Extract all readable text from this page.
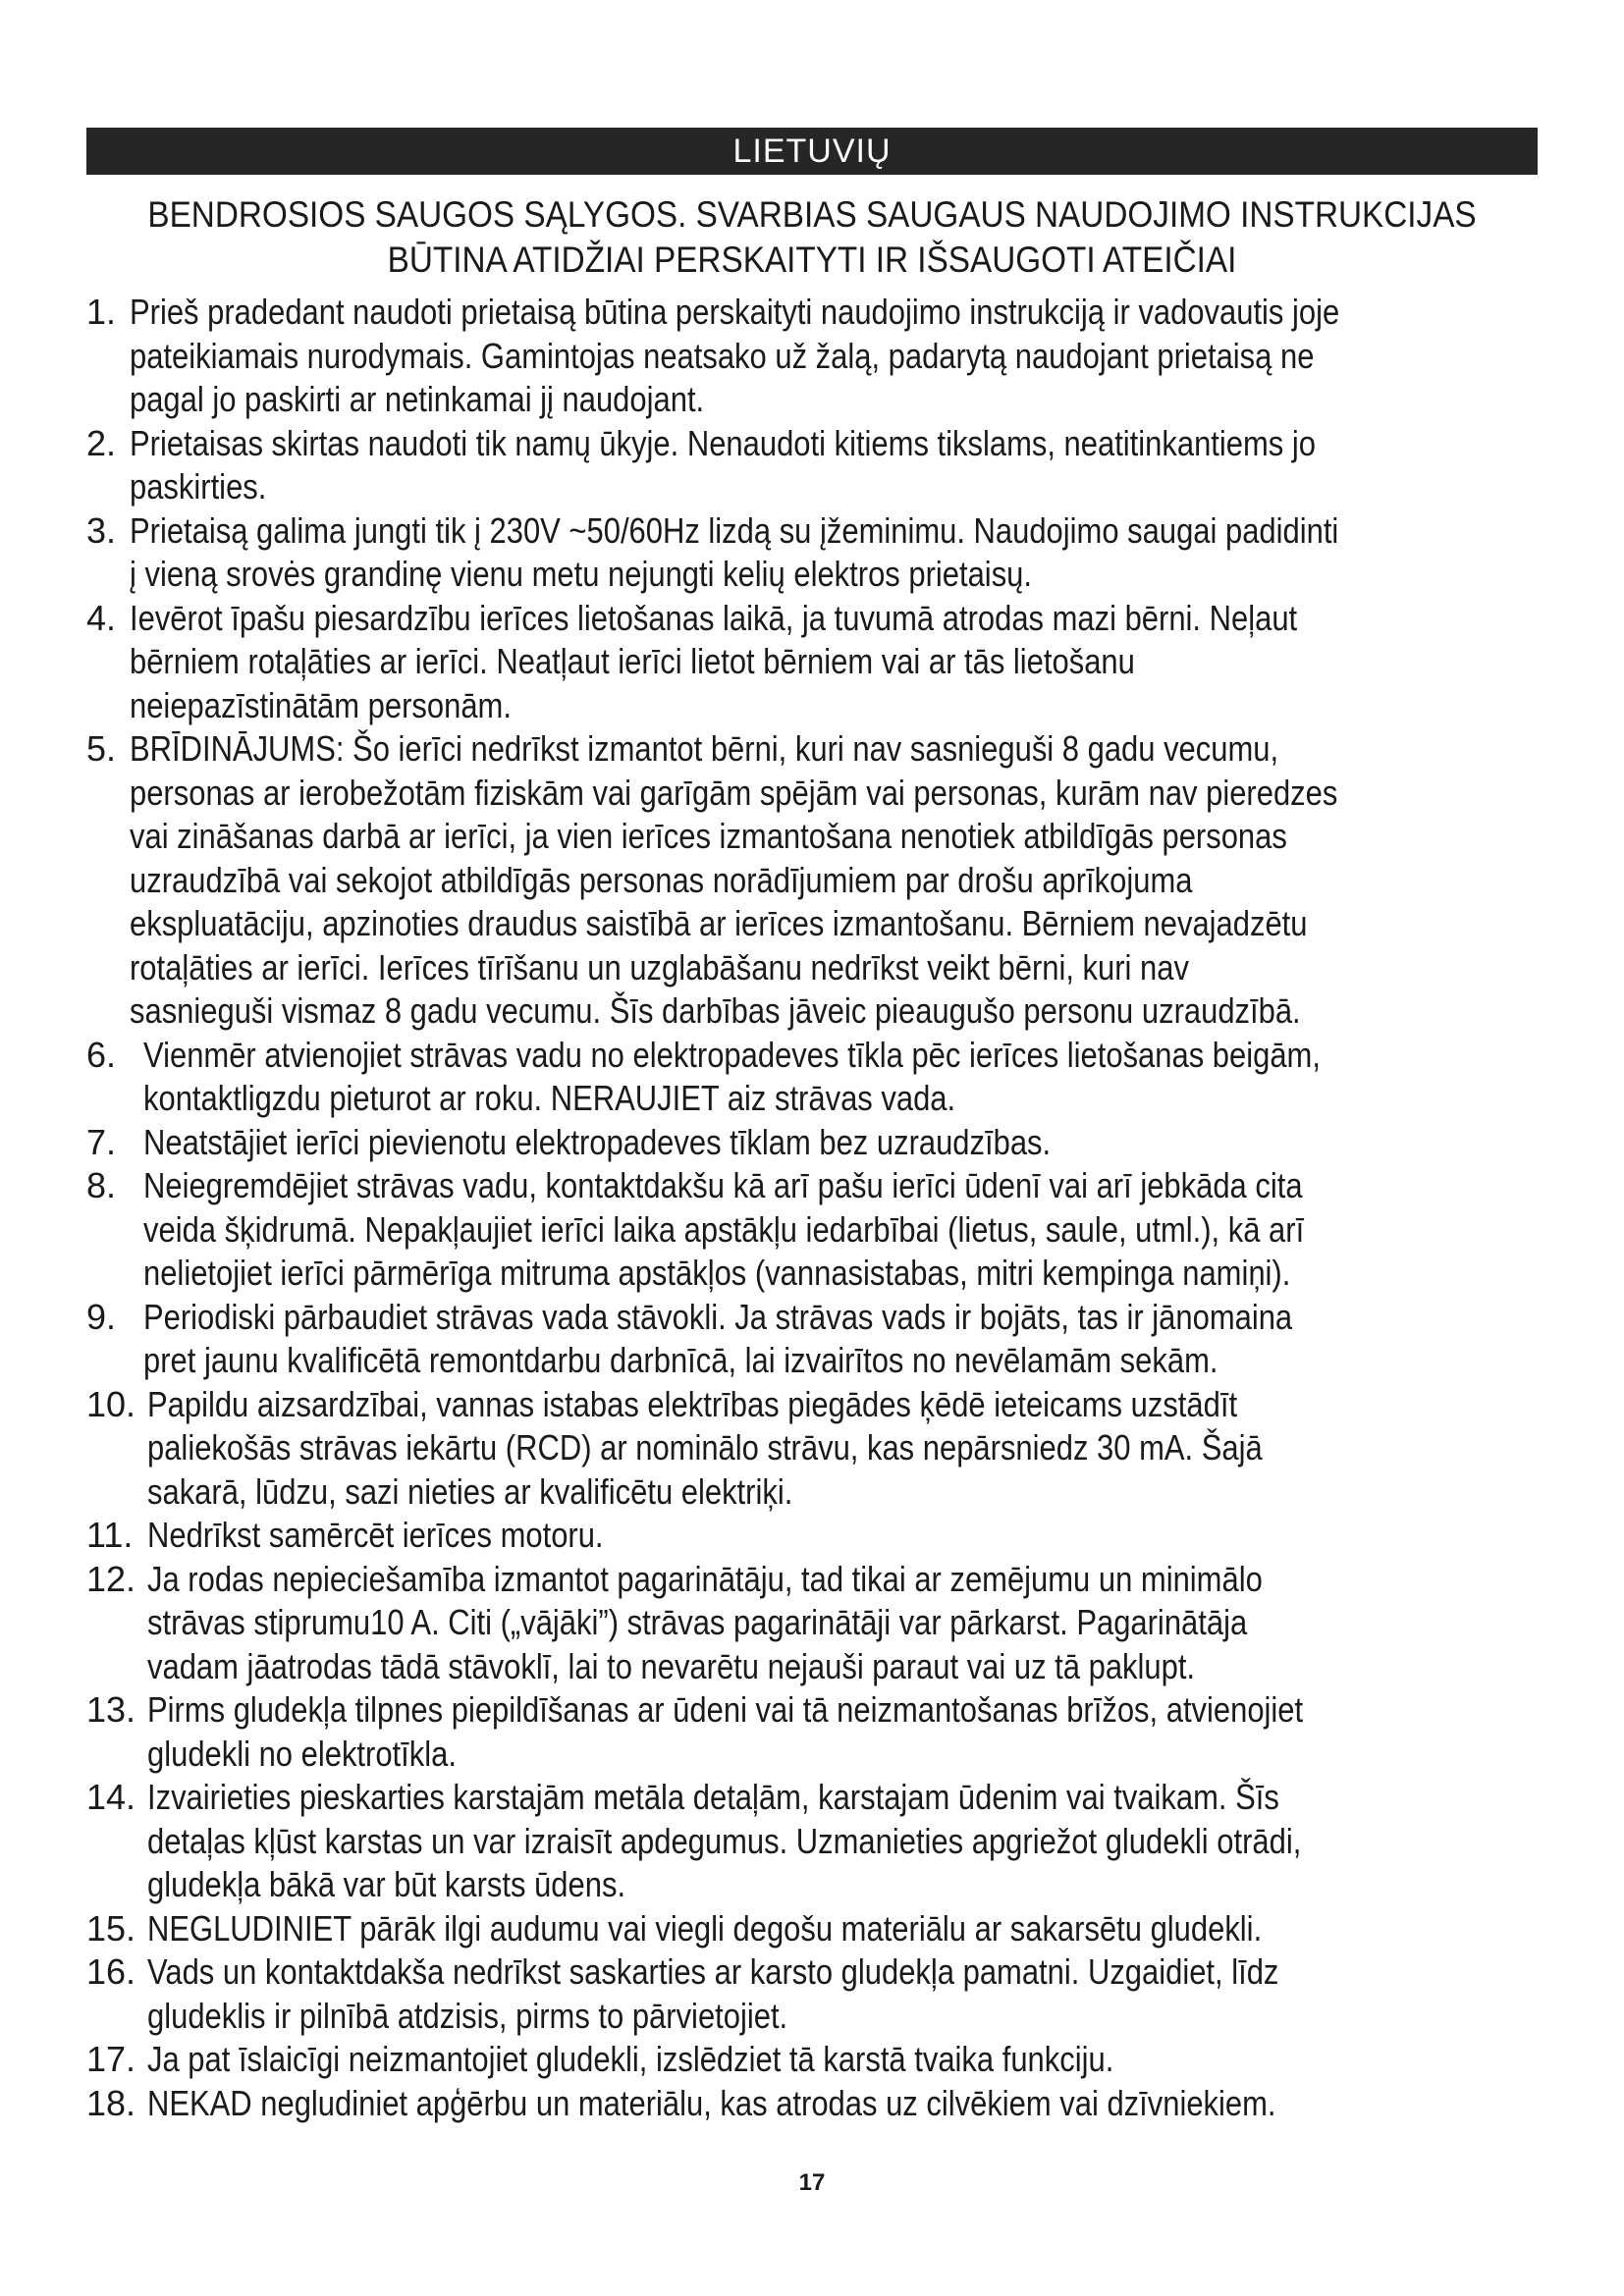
LIETUVIŲ
BENDROSIOS SAUGOS SĄLYGOS. SVARBIAS SAUGAUS NAUDOJIMO INSTRUKCIJAS
BŪTINA ATIDŽIAI PERSKAITYTI IR IŠSAUGOTI ATEIČIAI
1. Prieš pradedant naudoti prietaisą būtina perskaityti naudojimo instrukciją ir vadovautis joje pateikiamais nurodymais. Gamintojas neatsako už žalą, padarytą naudojant prietaisą ne pagal jo paskirti ar netinkamai jį naudojant.
2. Prietaisas skirtas naudoti tik namų ūkyje. Nenaudoti kitiems tikslams, neatitinkantiems jo paskirties.
3. Prietaisą galima jungti tik į 230V ~50/60Hz lizdą su įžeminimu. Naudojimo saugai padidinti į vieną srovės grandinę vienu metu nejungti kelių elektros prietaisų.
4. Ievērot īpašu piesardzību ierīces lietošanas laikā, ja tuvumā atrodas mazi bērni. Neļaut bērniem rotaļāties ar ierīci. Neatļaut ierīci lietot bērniem vai ar tās lietošanu neiepazīstinātām personām.
5. BRĪDINĀJUMS: Šo ierīci nedrīkst izmantot bērni, kuri nav sasnieguši 8 gadu vecumu, personas ar ierobežotām fiziskām vai garīgām spējām vai personas, kurām nav pieredzes vai zināšanas darbā ar ierīci, ja vien ierīces izmantošana nenotiek atbildīgās personas uzraudzībā vai sekojot atbildīgās personas norādījumiem par drošu aprīkojuma ekspluatāciju, apzinoties draudus saistībā ar ierīces izmantošanu. Bērniem nevajadzētu rotaļāties ar ierīci. Ierīces tīrīšanu un uzglabāšanu nedrīkst veikt bērni, kuri nav sasnieguši vismaz 8 gadu vecumu. Šīs darbības jāveic pieaugušo personu uzraudzībā.
6. Vienmēr atvienojiet strāvas vadu no elektropadeves tīkla pēc ierīces lietošanas beigām, kontaktligzdu pieturot ar roku. NERAUJIET aiz strāvas vada.
7. Neatstājiet ierīci pievienotu elektropadeves tīklam bez uzraudzības.
8. Neiegremdējiet strāvas vadu, kontaktdakšu kā arī pašu ierīci ūdenī vai arī jebkāda cita veida šķidrumā. Nepakļaujiet ierīci laika apstākļu iedarbībai (lietus, saule, utml.), kā arī nelietojiet ierīci pārmērīga mitruma apstākļos (vannasistabas, mitri kempinga namiņi).
9. Periodiski pārbaudiet strāvas vada stāvokli. Ja strāvas vads ir bojāts, tas ir jānomaina pret jaunu kvalificētā remontdarbu darbnīcā, lai izvairītos no nevēlamām sekām.
10. Papildu aizsardzībai, vannas istabas elektrības piegādes ķēdē ieteicams uzstādīt paliekošās strāvas iekārtu (RCD) ar nominālo strāvu, kas nepārsniedz 30 mA. Šajā sakarā, lūdzu, sazi nieties ar kvalificētu elektriķi.
11. Nedrīkst samērcēt ierīces motoru.
12. Ja rodas nepieciešamība izmantot pagarinātāju, tad tikai ar zemējumu un minimālo strāvas stiprumu10 A. Citi („vājāki”) strāvas pagarinātāji var pārkarst. Pagarinātāja vadam jāatrodas tādā stāvoklī, lai to nevarētu nejauši paraut vai uz tā paklupt.
13. Pirms gludekļa tilpnes piepildīšanas ar ūdeni vai tā neizmantošanas brīžos, atvienojiet gludekli no elektrotīkla.
14. Izvairieties pieskarties karstajām metāla detaļām, karstajam ūdenim vai tvaikam. Šīs detaļas kļūst karstas un var izraisīt apdegumus. Uzmanieties apgriežot gludekli otrādi, gludekļa bākā var būt karsts ūdens.
15. NEGLUDINIET pārāk ilgi audumu vai viegli degošu materiālu ar sakarsētu gludekli.
16. Vads un kontaktdakša nedrīkst saskarties ar karsto gludekļa pamatni. Uzgaidiet, līdz gludeklis ir pilnībā atdzisis, pirms to pārvietojiet.
17. Ja pat īslaicīgi neizmantojiet gludekli, izslēdziet tā karstā tvaika funkciju.
18. NEKAD negludiniet apģērbu un materiālu, kas atrodas uz cilvēkiem vai dzīvniekiem.
17
